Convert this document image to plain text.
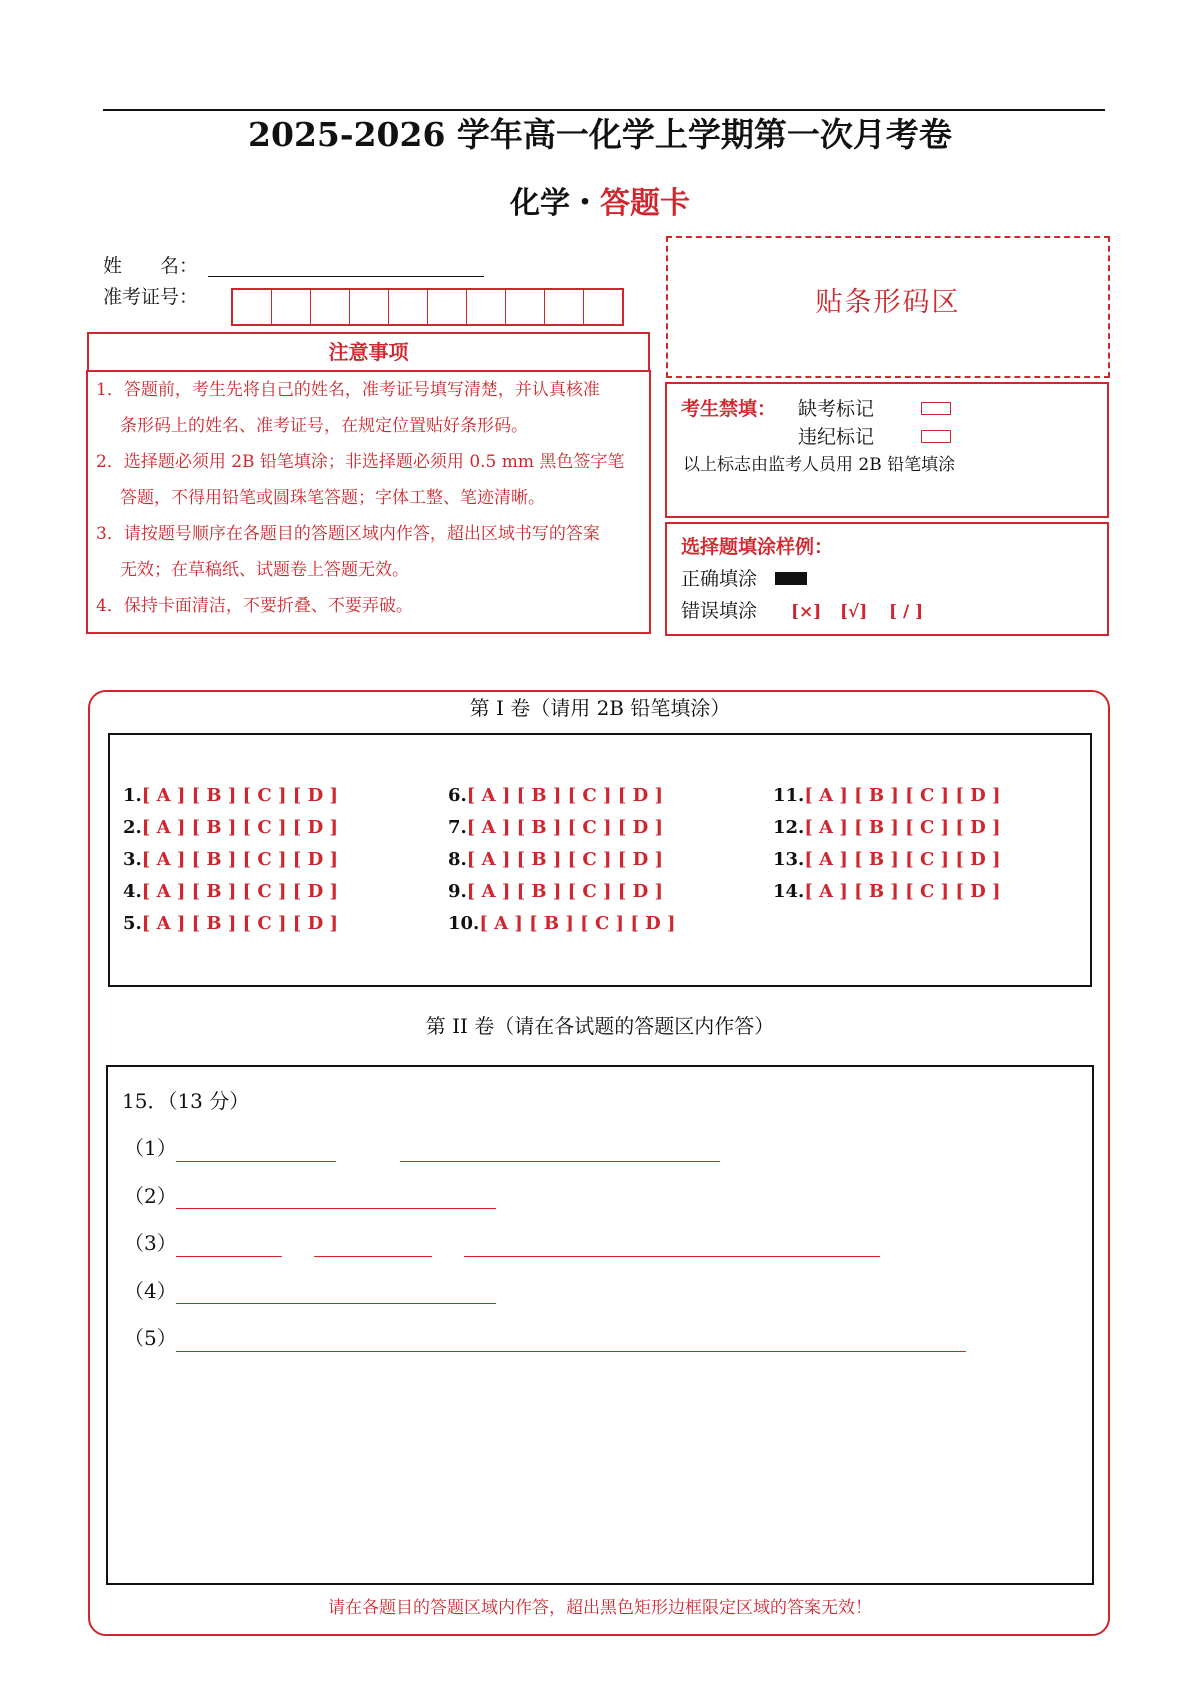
2025-2026 学年高一化学上学期第一次月考卷
化学・答题卡
姓　　名：
准考证号：
注意事项

1．答题前，考生先将自己的姓名，准考证号填写清楚，并认真核准

条形码上的姓名、准考证号，在规定位置贴好条形码。

2．选择题必须用 2B 铅笔填涂；非选择题必须用 0.5 mm 黑色签字笔

答题，不得用铅笔或圆珠笔答题；字体工整、笔迹清晰。

3．请按题号顺序在各题目的答题区域内作答，超出区域书写的答案

无效；在草稿纸、试题卷上答题无效。

4．保持卡面清洁，不要折叠、不要弄破。

贴条形码区
考生禁填： 缺考标记
违纪标记
以上标志由监考人员用 2B 铅笔填涂
选择题填涂样例：
正确填涂
错误填涂 [×] [√] [ / ]
第 I 卷（请用 2B 铅笔填涂）
1.[ A ] [ B ] [ C ] [ D ]
2.[ A ] [ B ] [ C ] [ D ]
3.[ A ] [ B ] [ C ] [ D ]
4.[ A ] [ B ] [ C ] [ D ]
5.[ A ] [ B ] [ C ] [ D ]
6.[ A ] [ B ] [ C ] [ D ]
7.[ A ] [ B ] [ C ] [ D ]
8.[ A ] [ B ] [ C ] [ D ]
9.[ A ] [ B ] [ C ] [ D ]
10.[ A ] [ B ] [ C ] [ D ]
11.[ A ] [ B ] [ C ] [ D ]
12.[ A ] [ B ] [ C ] [ D ]
13.[ A ] [ B ] [ C ] [ D ]
14.[ A ] [ B ] [ C ] [ D ]
第 II 卷（请在各试题的答题区内作答）
15．（13 分）
（1）
（2）
（3）
（4）
（5）
请在各题目的答题区域内作答，超出黑色矩形边框限定区域的答案无效！
